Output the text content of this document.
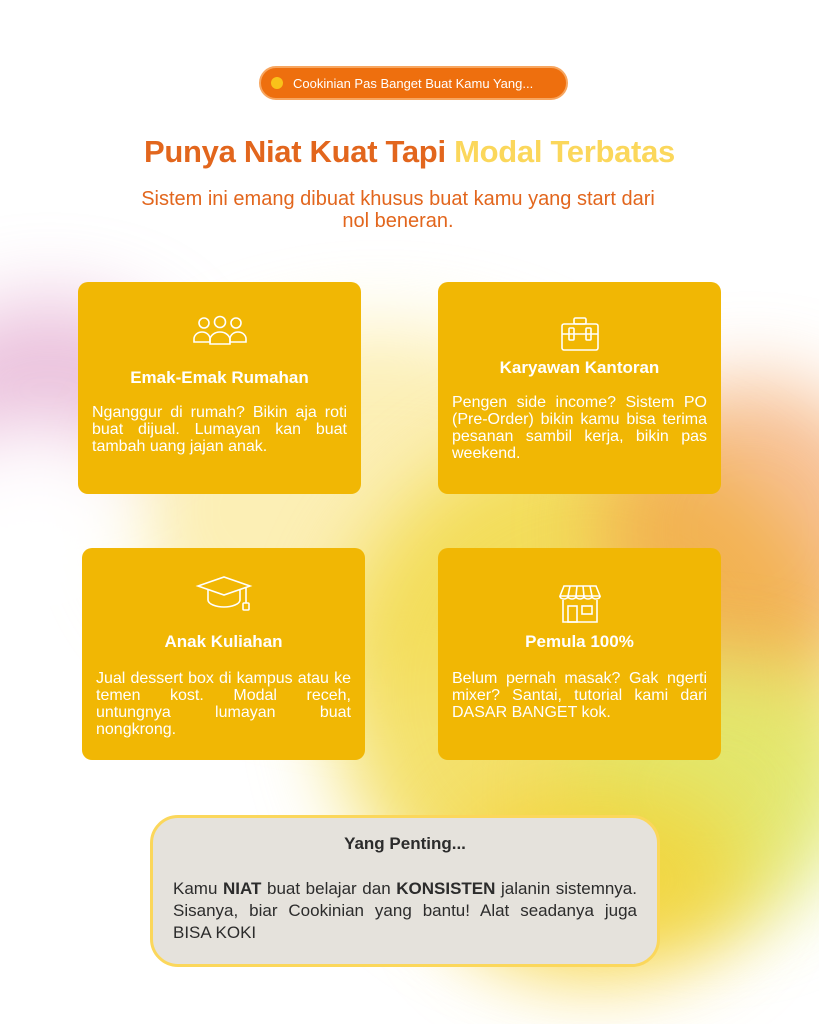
Cookinian Pas Banget Buat Kamu Yang...
Punya Niat Kuat Tapi Modal Terbatas

Sistem ini emang dibuat khusus buat kamu yang start dari nol beneran.

Emak-Emak Rumahan
Nganggur di rumah? Bikin aja roti buat dijual. Lumayan kan buat tambah uang jajan anak.
Karyawan Kantoran
Pengen side income? Sistem PO (Pre-Order) bikin kamu bisa terima pesanan sambil kerja, bikin pas weekend.
Anak Kuliahan
Jual dessert box di kampus atau ke temen kost. Modal receh, untungnya lumayan buat nongkrong.
Pemula 100%
Belum pernah masak? Gak ngerti mixer? Santai, tutorial kami dari DASAR BANGET kok.
Yang Penting...

Kamu NIAT buat belajar dan KONSISTEN jalanin sistemnya. Sisanya, biar Cookinian yang bantu! Alat seadanya juga BISA KOKI
